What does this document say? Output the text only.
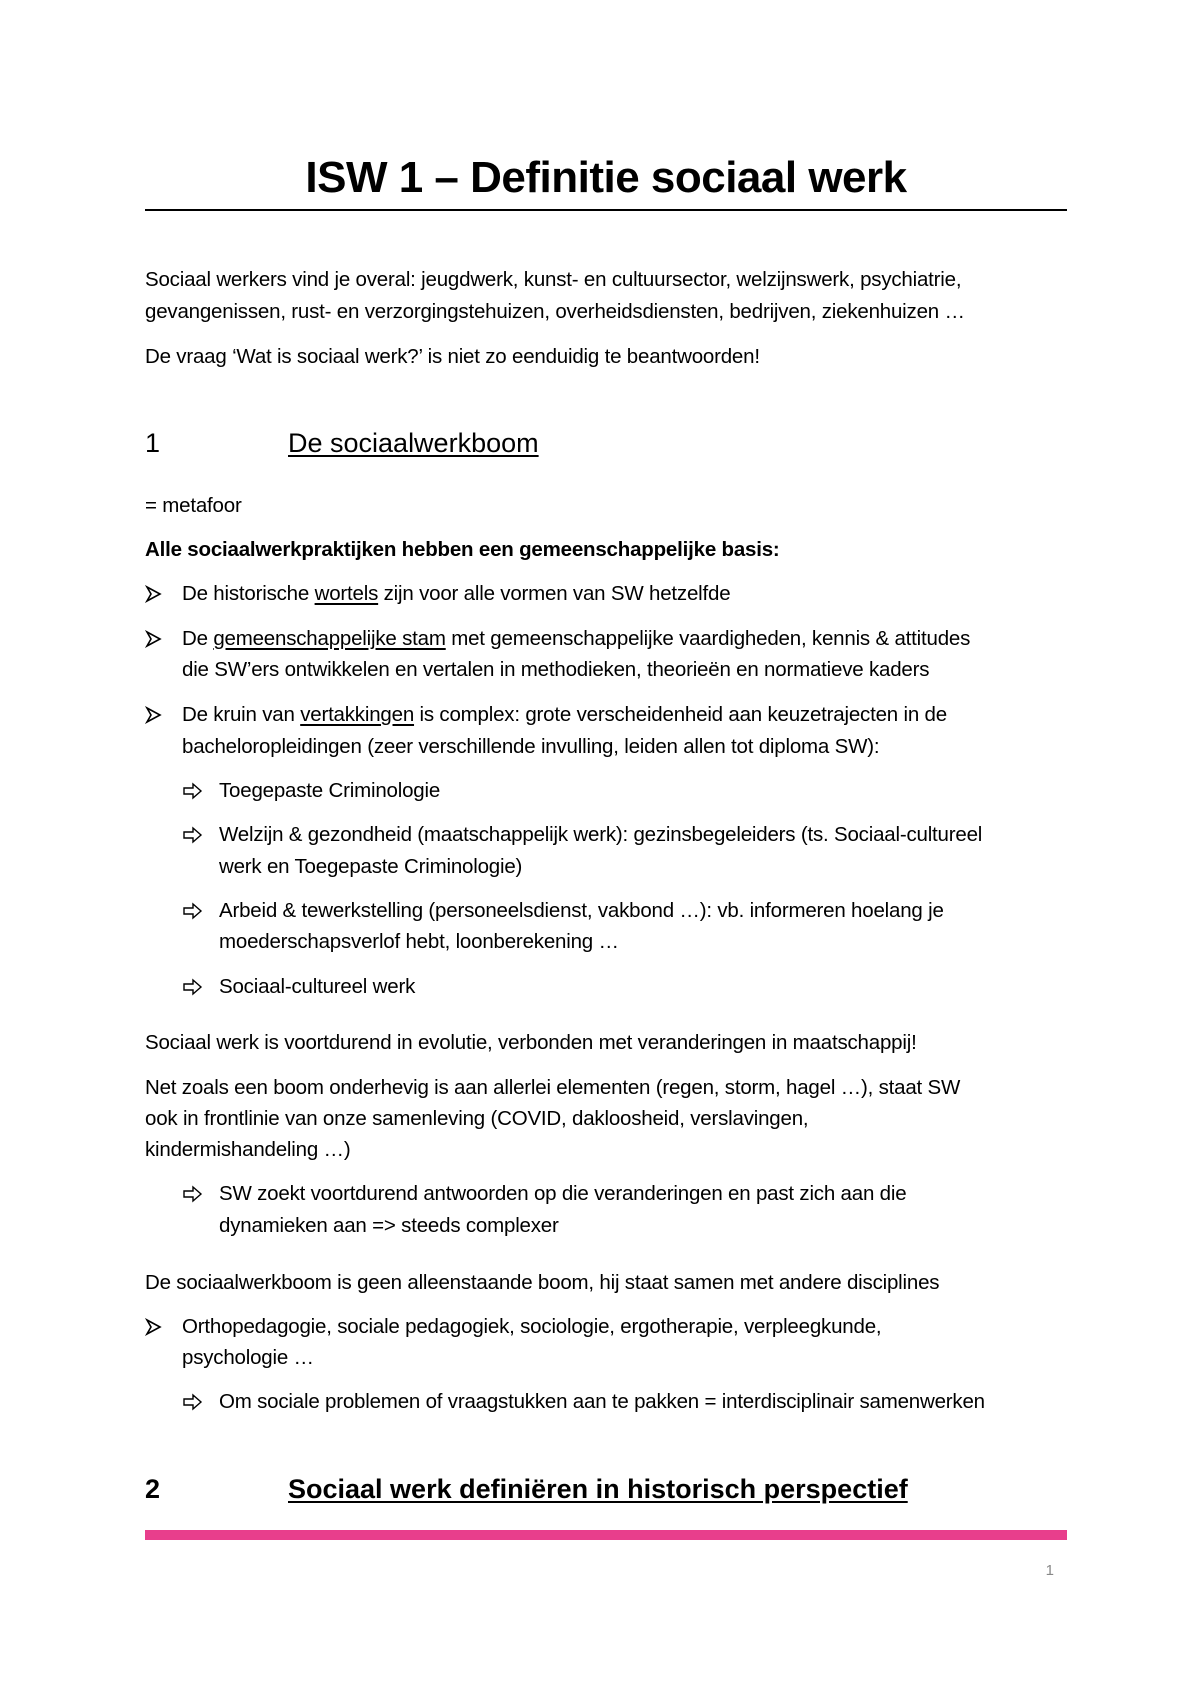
ISW 1 – Definitie sociaal werk
Sociaal werkers vind je overal: jeugdwerk, kunst- en cultuursector, welzijnswerk, psychiatrie,
gevangenissen, rust- en verzorgingstehuizen, overheidsdiensten, bedrijven, ziekenhuizen …
De vraag ‘Wat is sociaal werk?’ is niet zo eenduidig te beantwoorden!
1	De sociaalwerkboom
= metafoor
Alle sociaalwerkpraktijken hebben een gemeenschappelijke basis:
De historische wortels zijn voor alle vormen van SW hetzelfde
De gemeenschappelijke stam met gemeenschappelijke vaardigheden, kennis & attitudes
die SW’ers ontwikkelen en vertalen in methodieken, theorieën en normatieve kaders
De kruin van vertakkingen is complex: grote verscheidenheid aan keuzetrajecten in de
bacheloropleidingen (zeer verschillende invulling, leiden allen tot diploma SW):
Toegepaste Criminologie
Welzijn & gezondheid (maatschappelijk werk): gezinsbegeleiders (ts. Sociaal-cultureel
werk en Toegepaste Criminologie)
Arbeid & tewerkstelling (personeelsdienst, vakbond …): vb. informeren hoelang je
moederschapsverlof hebt, loonberekening …
Sociaal-cultureel werk
Sociaal werk is voortdurend in evolutie, verbonden met veranderingen in maatschappij!
Net zoals een boom onderhevig is aan allerlei elementen (regen, storm, hagel …), staat SW
ook in frontlinie van onze samenleving (COVID, dakloosheid, verslavingen,
kindermishandeling …)
SW zoekt voortdurend antwoorden op die veranderingen en past zich aan die
dynamieken aan => steeds complexer
De sociaalwerkboom is geen alleenstaande boom, hij staat samen met andere disciplines
Orthopedagogie, sociale pedagogiek, sociologie, ergotherapie, verpleegkunde,
psychologie …
Om sociale problemen of vraagstukken aan te pakken = interdisciplinair samenwerken
2	Sociaal werk definiëren in historisch perspectief
1
